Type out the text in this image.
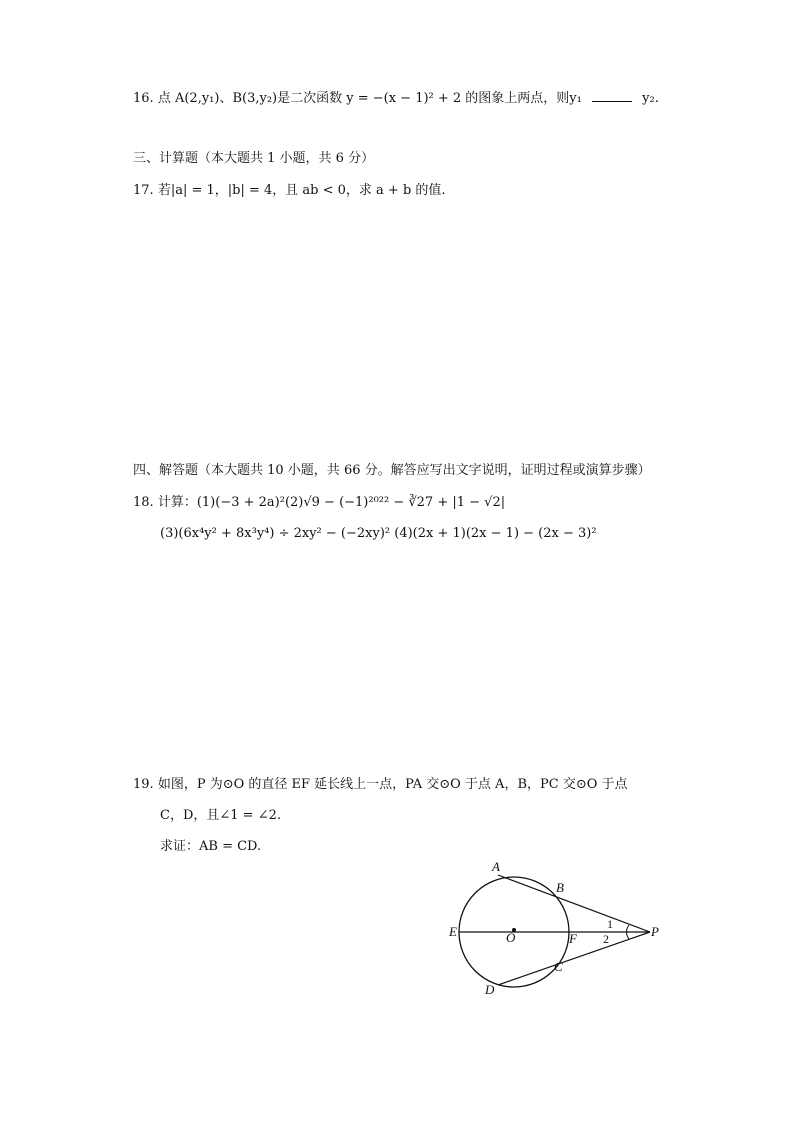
16. 点 A(2,y₁)、B(3,y₂)是二次函数 y = −(x − 1)² + 2 的图象上两点，则y₁	y₂.
三、计算题（本大题共 1 小题，共 6 分）
17. 若|a| = 1，|b| = 4，且 ab < 0，求 a + b 的值.
四、解答题（本大题共 10 小题，共 66 分。解答应写出文字说明，证明过程或演算步骤）
18. 计算：(1)(−3 + 2a)²(2)√9 − (−1)²⁰²² − ∛27 + |1 − √2|
(3)(6x⁴y² + 8x³y⁴) ÷ 2xy² − (−2xy)² (4)(2x + 1)(2x − 1) − (2x − 3)²
19. 如图，P 为⊙O 的直径 EF 延长线上一点，PA 交⊙O 于点 A，B，PC 交⊙O 于点
C，D，且∠1 = ∠2.
求证：AB = CD.
A
B
E	O	F	P
C
D
1
2
